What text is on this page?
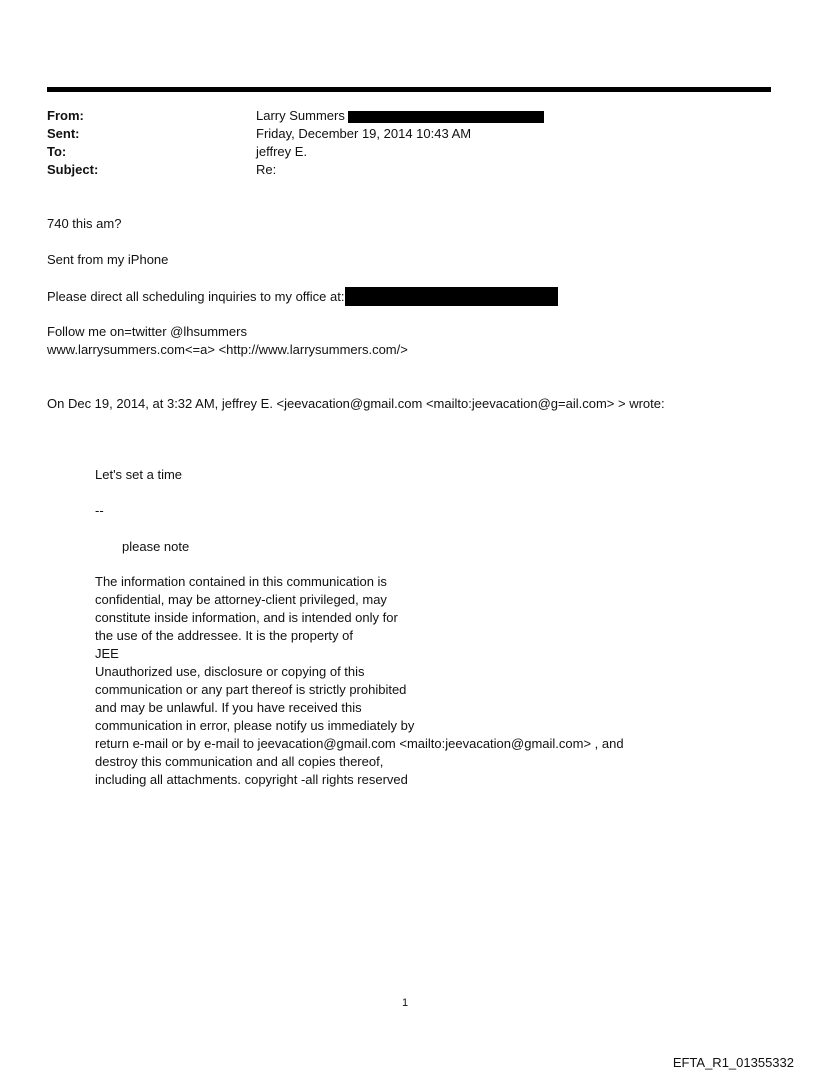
From:	Larry Summers
Sent:	Friday, December 19, 2014 10:43 AM
To:	jeffrey E.
Subject:	Re:
740 this am?
Sent from my iPhone
Please direct all scheduling inquiries to my office at:
Follow me on=twitter @lhsummers
www.larrysummers.com<=a> <http://www.larrysummers.com/>
On Dec 19, 2014, at 3:32 AM, jeffrey E. <jeevacation@gmail.com <mailto:jeevacation@g=ail.com> > wrote:
Let's set a time
--
please note
The information contained in this communication is
confidential, may be attorney-client privileged, may
constitute inside information, and is intended only for
the use of the addressee. It is the property of
JEE
Unauthorized use, disclosure or copying of this
communication or any part thereof is strictly prohibited
and may be unlawful. If you have received this
communication in error, please notify us immediately by
return e-mail or by e-mail to jeevacation@gmail.com <mailto:jeevacation@gmail.com> , and
destroy this communication and all copies thereof,
including all attachments. copyright -all rights reserved
1
EFTA_R1_01355332
